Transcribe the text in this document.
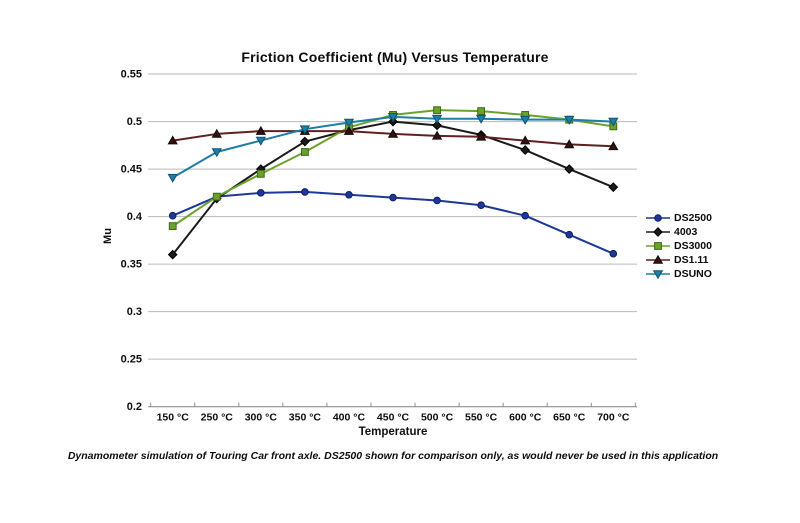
Friction Coefficient (Mu) Versus Temperature
Mu
0.55
0.5
0.45
0.4
0.35
0.3
0.25
0.2
150 °C 250 °C 300 °C 350 °C 400 °C 450 °C 500 °C 550 °C 600 °C 650 °C 700 °C
Temperature
DS2500
4003
DS3000
DS1.11
DSUNO
Dynamometer simulation of Touring Car front axle. DS2500 shown for comparison only, as would never be used in this application
